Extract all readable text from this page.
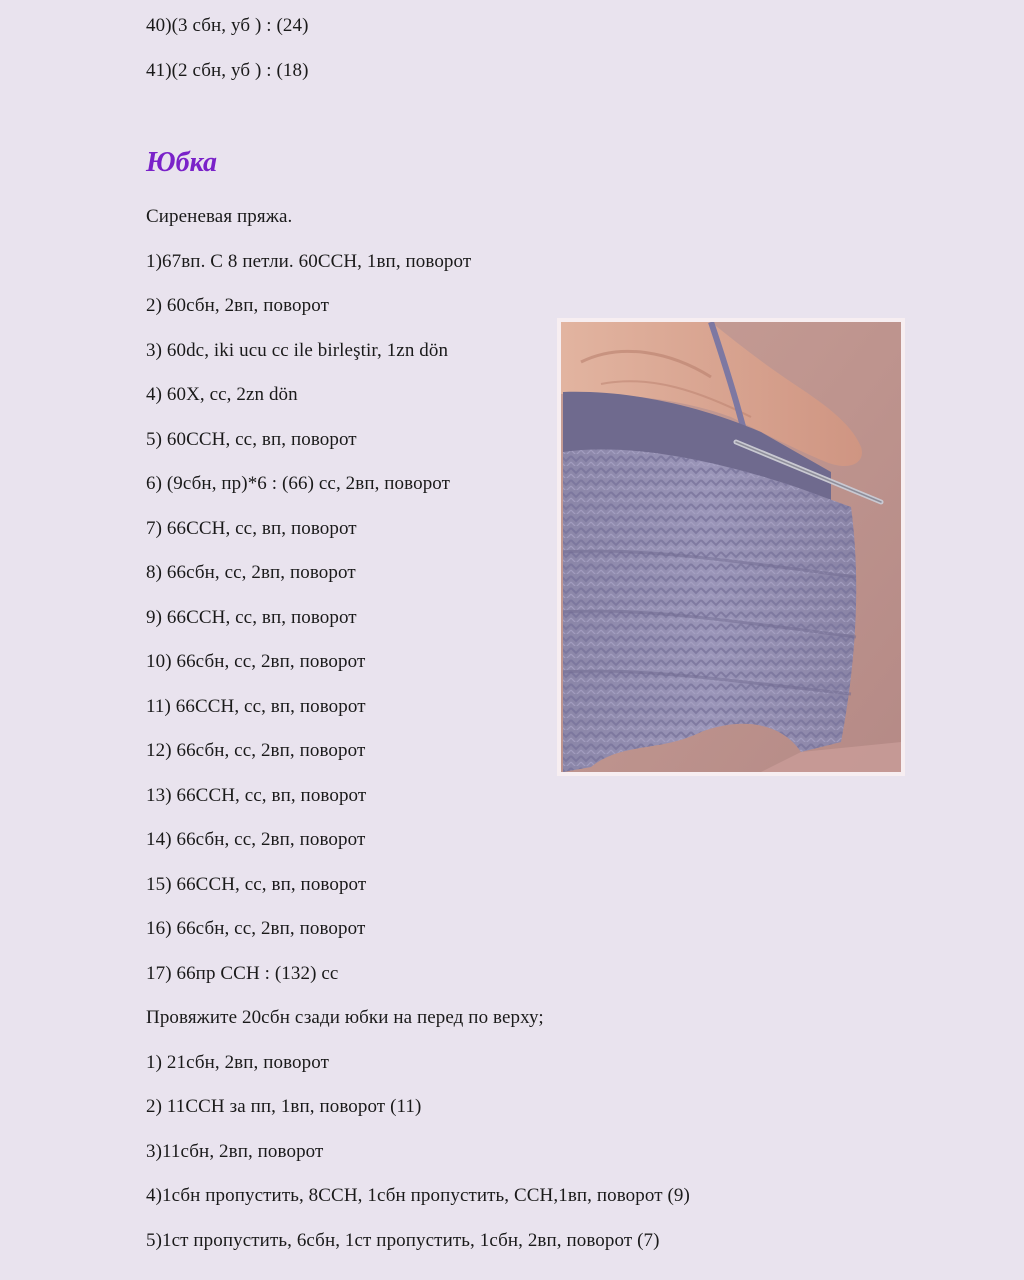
40)(3 сбн, уб ) : (24)
41)(2 сбн, уб ) : (18)
Юбка
Сиреневая пряжа.
1)67вп. С 8 петли. 60ССН, 1вп, поворот
2) 60сбн, 2вп, поворот
3) 60dc, iki ucu cc ile birleştir, 1zn dön
4) 60X, cc, 2zn dön
5) 60ССН, сс, вп, поворот
6) (9сбн, пр)*6 : (66) сс, 2вп, поворот
7) 66ССН, сс, вп, поворот
8) 66сбн, сс, 2вп, поворот
9) 66ССН, сс, вп, поворот
10) 66сбн, сс, 2вп, поворот
11) 66ССН, сс, вп, поворот
12) 66сбн, сс, 2вп, поворот
13) 66ССН, сс, вп, поворот
14) 66сбн, сс, 2вп, поворот
15) 66ССН, сс, вп, поворот
16) 66сбн, сс, 2вп, поворот
17) 66пр ССН : (132) сс
Провяжите 20сбн сзади юбки на перед по верху;
1) 21сбн, 2вп, поворот
2) 11ССН за пп, 1вп, поворот (11)
3)11сбн, 2вп, поворот
4)1сбн пропустить, 8ССН, 1сбн пропустить, ССН,1вп, поворот (9)
5)1ст пропустить, 6сбн, 1ст пропустить, 1сбн, 2вп, поворот (7)
